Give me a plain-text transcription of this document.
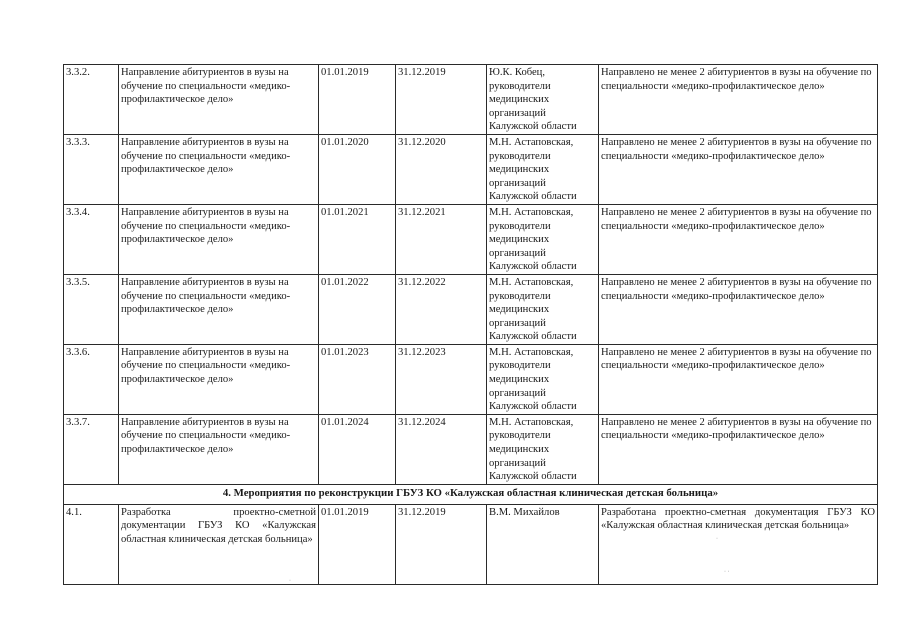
3.3.2.	Направление абитуриентов в вузы на обучение по специальности «медико-профилактическое дело»	01.01.2019	31.12.2019	Ю.К. Кобец, руководители медицинских организаций Калужской области	Направлено не менее 2 абитуриентов в вузы на обучение по специальности «медико-профилактическое дело»
3.3.3.	Направление абитуриентов в вузы на обучение по специальности «медико-профилактическое дело»	01.01.2020	31.12.2020	М.Н. Астаповская, руководители медицинских организаций Калужской области	Направлено не менее 2 абитуриентов в вузы на обучение по специальности «медико-профилактическое дело»
3.3.4.	Направление абитуриентов в вузы на обучение по специальности «медико-профилактическое дело»	01.01.2021	31.12.2021	М.Н. Астаповская, руководители медицинских организаций Калужской области	Направлено не менее 2 абитуриентов в вузы на обучение по специальности «медико-профилактическое дело»
3.3.5.	Направление абитуриентов в вузы на обучение по специальности «медико-профилактическое дело»	01.01.2022	31.12.2022	М.Н. Астаповская, руководители медицинских организаций Калужской области	Направлено не менее 2 абитуриентов в вузы на обучение по специальности «медико-профилактическое дело»
3.3.6.	Направление абитуриентов в вузы на обучение по специальности «медико-профилактическое дело»	01.01.2023	31.12.2023	М.Н. Астаповская, руководители медицинских организаций Калужской области	Направлено не менее 2 абитуриентов в вузы на обучение по специальности «медико-профилактическое дело»
3.3.7.	Направление абитуриентов в вузы на обучение по специальности «медико-профилактическое дело»	01.01.2024	31.12.2024	М.Н. Астаповская, руководители медицинских организаций Калужской области	Направлено не менее 2 абитуриентов в вузы на обучение по специальности «медико-профилактическое дело»
4. Мероприятия по реконструкции ГБУЗ КО «Калужская областная клиническая детская больница»					
4.1.	Разработка проектно-сметной документации ГБУЗ КО «Калужская областная клиническая детская больница»	01.01.2019	31.12.2019	В.М. Михайлов	Разработана проектно-сметная документация ГБУЗ КО «Калужская областная клиническая детская больница»
·
·
· ·
